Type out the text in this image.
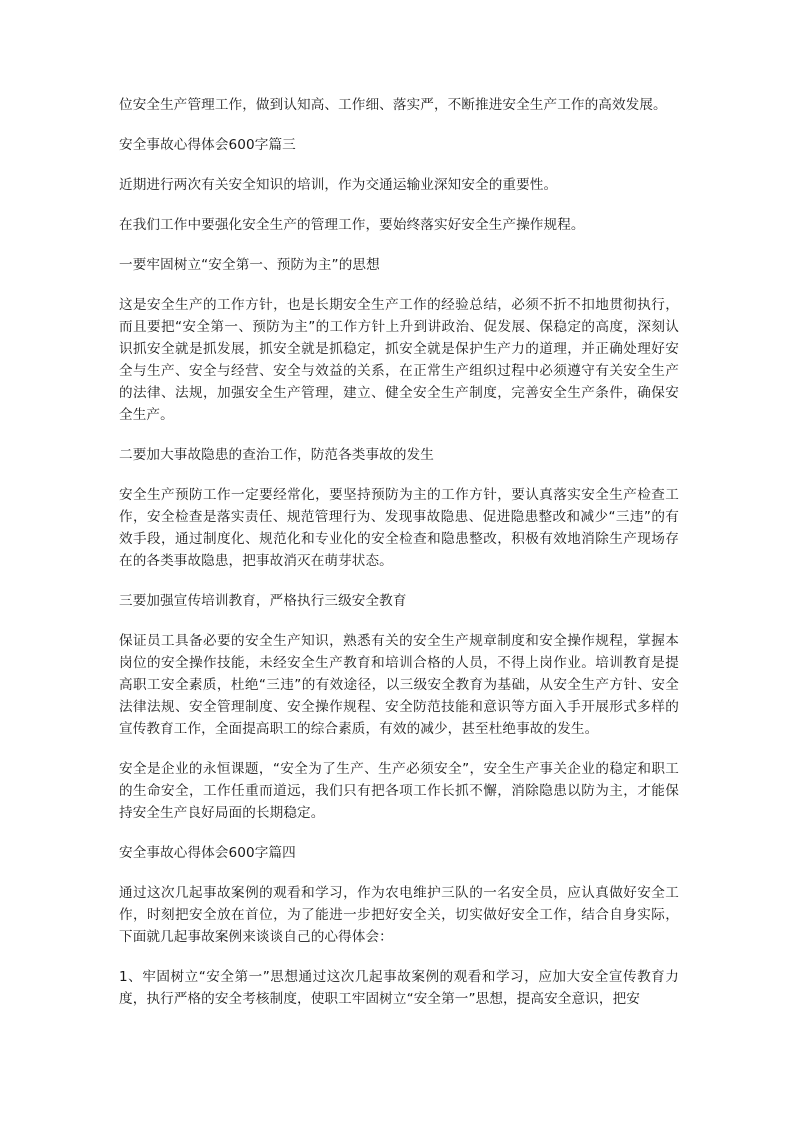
位安全生产管理工作，做到认知高、工作细、落实严，不断推进安全生产工作的高效发展。

安全事故心得体会600字篇三

近期进行两次有关安全知识的培训，作为交通运输业深知安全的重要性。

在我们工作中要强化安全生产的管理工作，要始终落实好安全生产操作规程。

一要牢固树立“安全第一、预防为主”的思想

这是安全生产的工作方针，也是长期安全生产工作的经验总结，必须不折不扣地贯彻执行，而且要把“安全第一、预防为主”的工作方针上升到讲政治、促发展、保稳定的高度，深刻认识抓安全就是抓发展，抓安全就是抓稳定，抓安全就是保护生产力的道理，并正确处理好安全与生产、安全与经营、安全与效益的关系，在正常生产组织过程中必须遵守有关安全生产的法律、法规，加强安全生产管理，建立、健全安全生产制度，完善安全生产条件，确保安全生产。

二要加大事故隐患的查治工作，防范各类事故的发生

安全生产预防工作一定要经常化，要坚持预防为主的工作方针，要认真落实安全生产检查工作，安全检查是落实责任、规范管理行为、发现事故隐患、促进隐患整改和减少“三违”的有效手段，通过制度化、规范化和专业化的安全检查和隐患整改，积极有效地消除生产现场存在的各类事故隐患，把事故消灭在萌芽状态。

三要加强宣传培训教育，严格执行三级安全教育

保证员工具备必要的安全生产知识，熟悉有关的安全生产规章制度和安全操作规程，掌握本岗位的安全操作技能，未经安全生产教育和培训合格的人员，不得上岗作业。培训教育是提高职工安全素质，杜绝“三违”的有效途径，以三级安全教育为基础，从安全生产方针、安全法律法规、安全管理制度、安全操作规程、安全防范技能和意识等方面入手开展形式多样的宣传教育工作，全面提高职工的综合素质，有效的减少，甚至杜绝事故的发生。

安全是企业的永恒课题，“安全为了生产、生产必须安全”，安全生产事关企业的稳定和职工的生命安全，工作任重而道远，我们只有把各项工作长抓不懈，消除隐患以防为主，才能保持安全生产良好局面的长期稳定。

安全事故心得体会600字篇四

通过这次几起事故案例的观看和学习，作为农电维护三队的一名安全员，应认真做好安全工作，时刻把安全放在首位，为了能进一步把好安全关，切实做好安全工作，结合自身实际，下面就几起事故案例来谈谈自己的心得体会：

1、牢固树立“安全第一”思想通过这次几起事故案例的观看和学习，应加大安全宣传教育力度，执行严格的安全考核制度，使职工牢固树立“安全第一”思想，提高安全意识，把安
